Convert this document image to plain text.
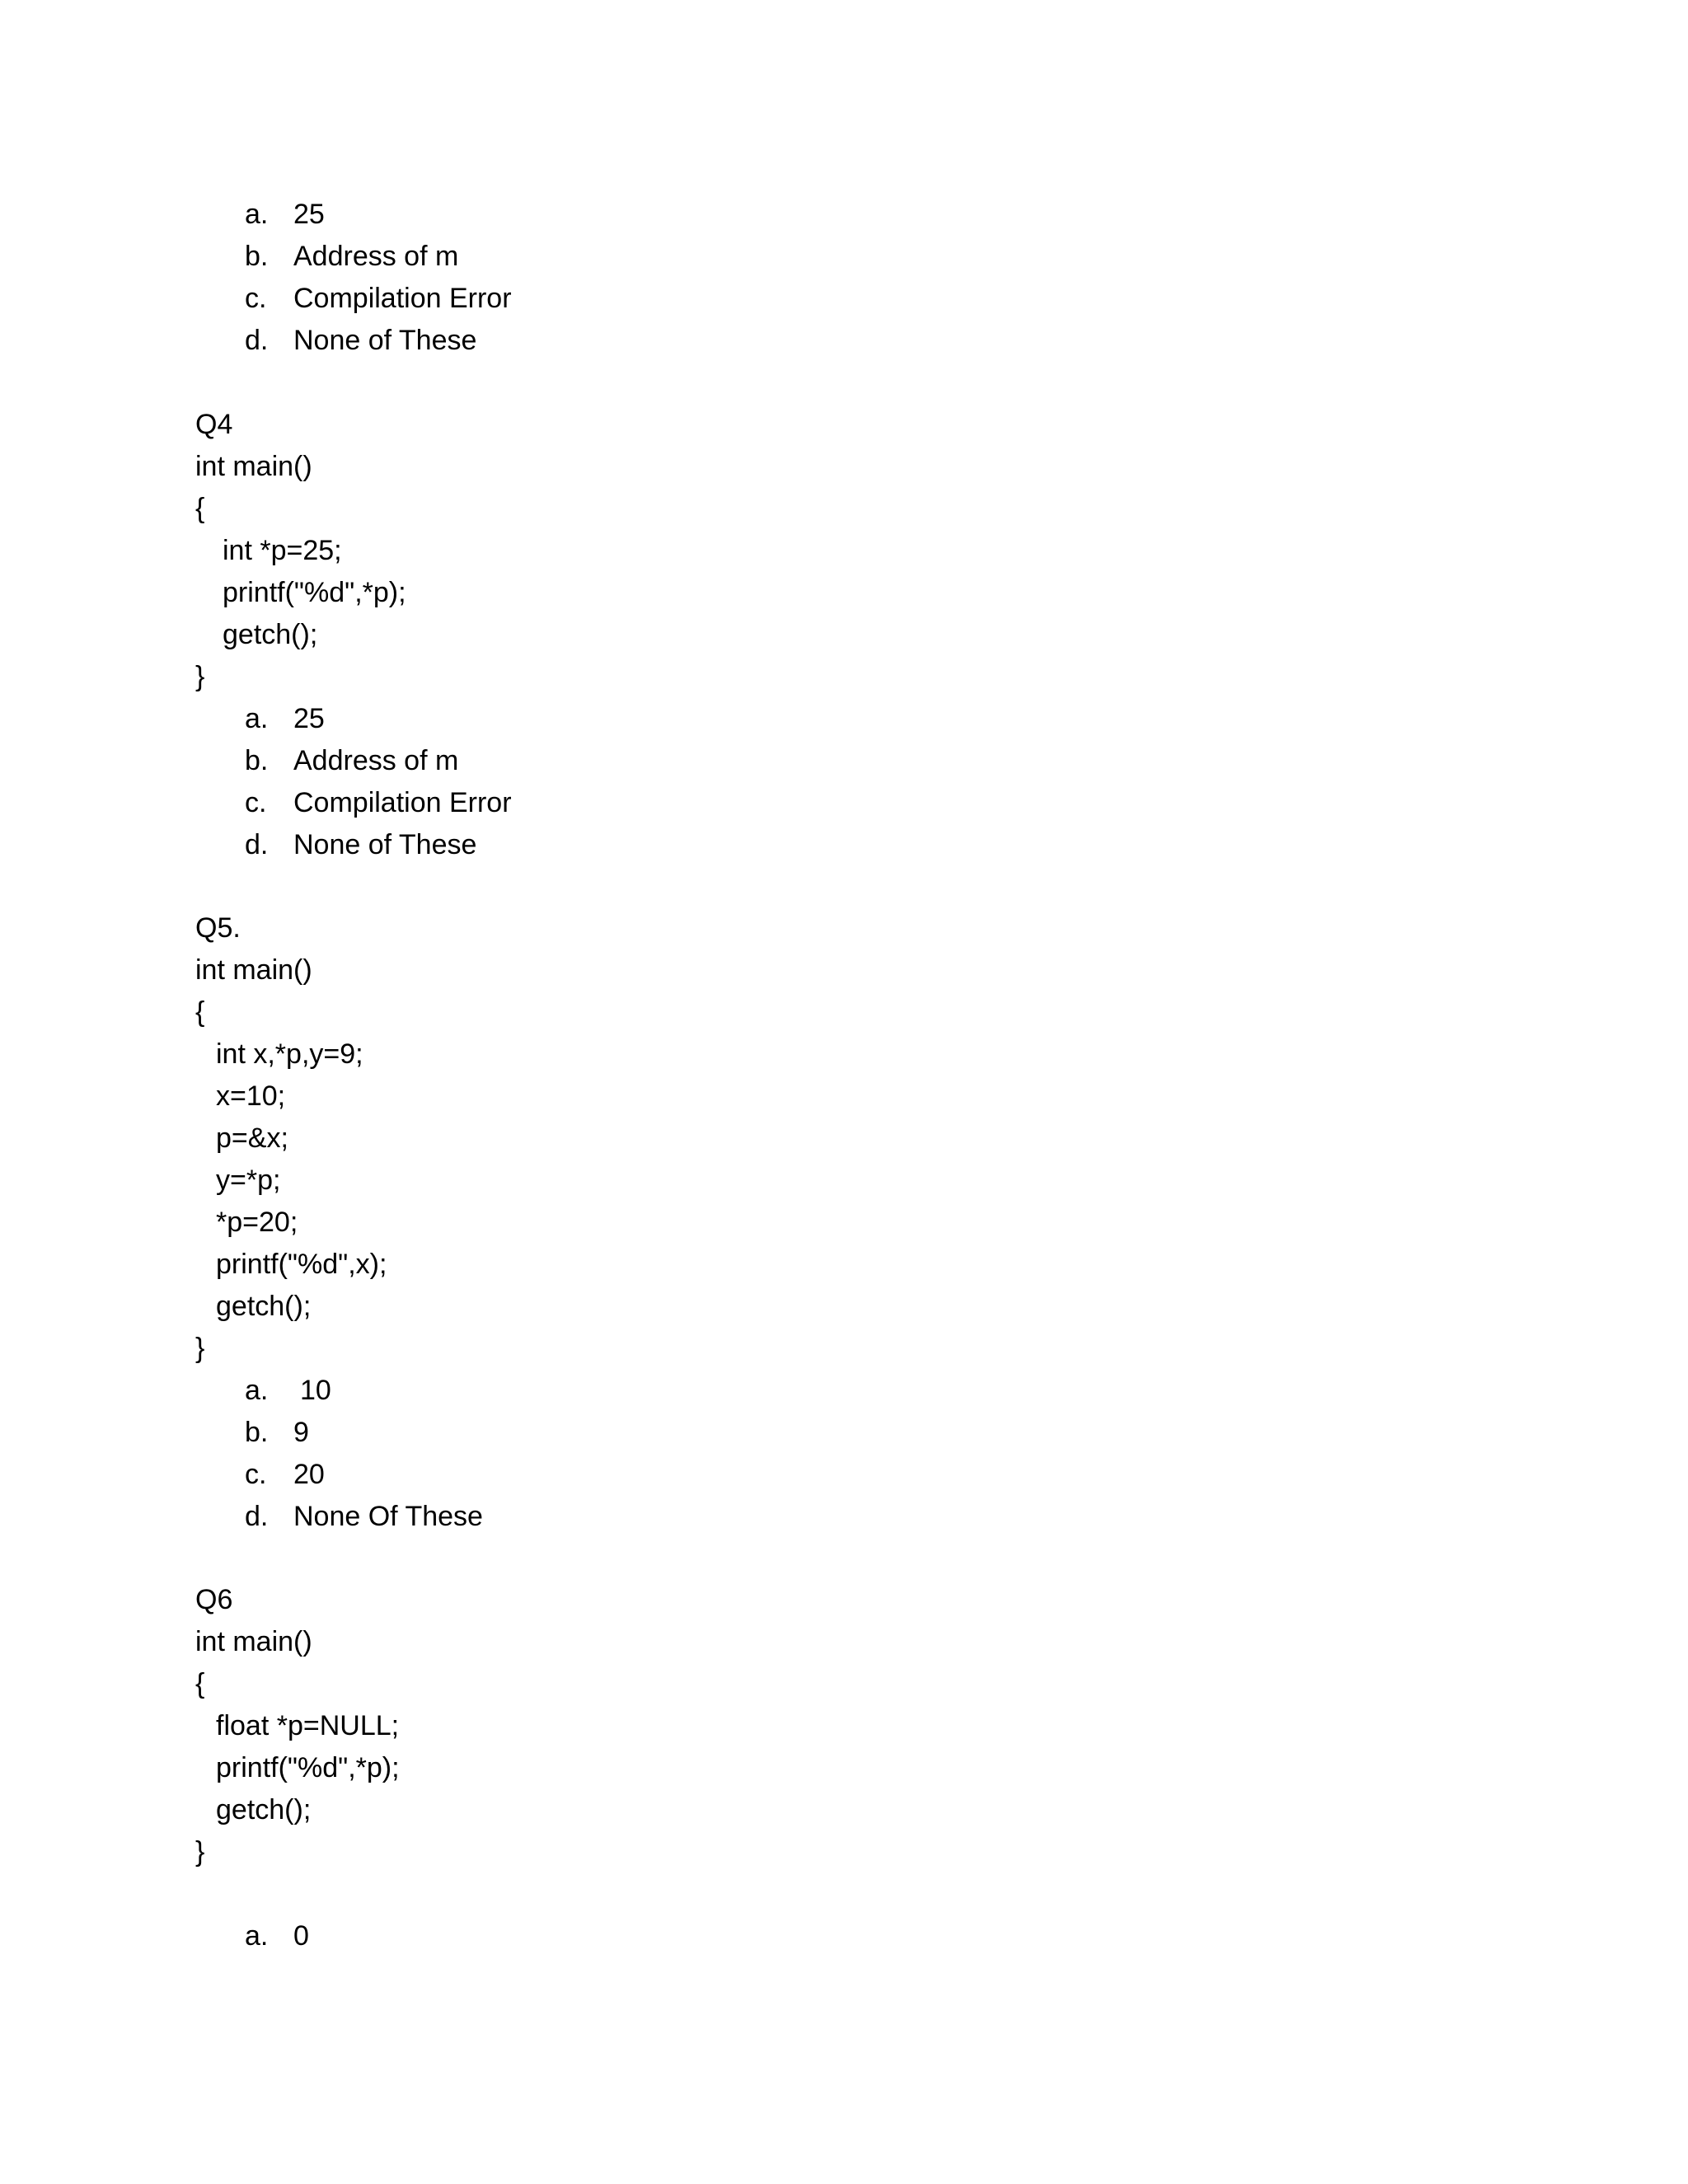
a. 25
b. Address of m
c. Compilation Error
d. None of These
Q4
int main()
{
int *p=25;
printf("%d",*p);
getch();
}
a. 25
b. Address of m
c. Compilation Error
d. None of These
Q5.
int main()
{
int x,*p,y=9;
x=10;
p=&x;
y=*p;
*p=20;
printf("%d",x);
getch();
}
a. 10
b. 9
c. 20
d. None Of These
Q6
int main()
{
float *p=NULL;
printf("%d",*p);
getch();
}
a. 0
